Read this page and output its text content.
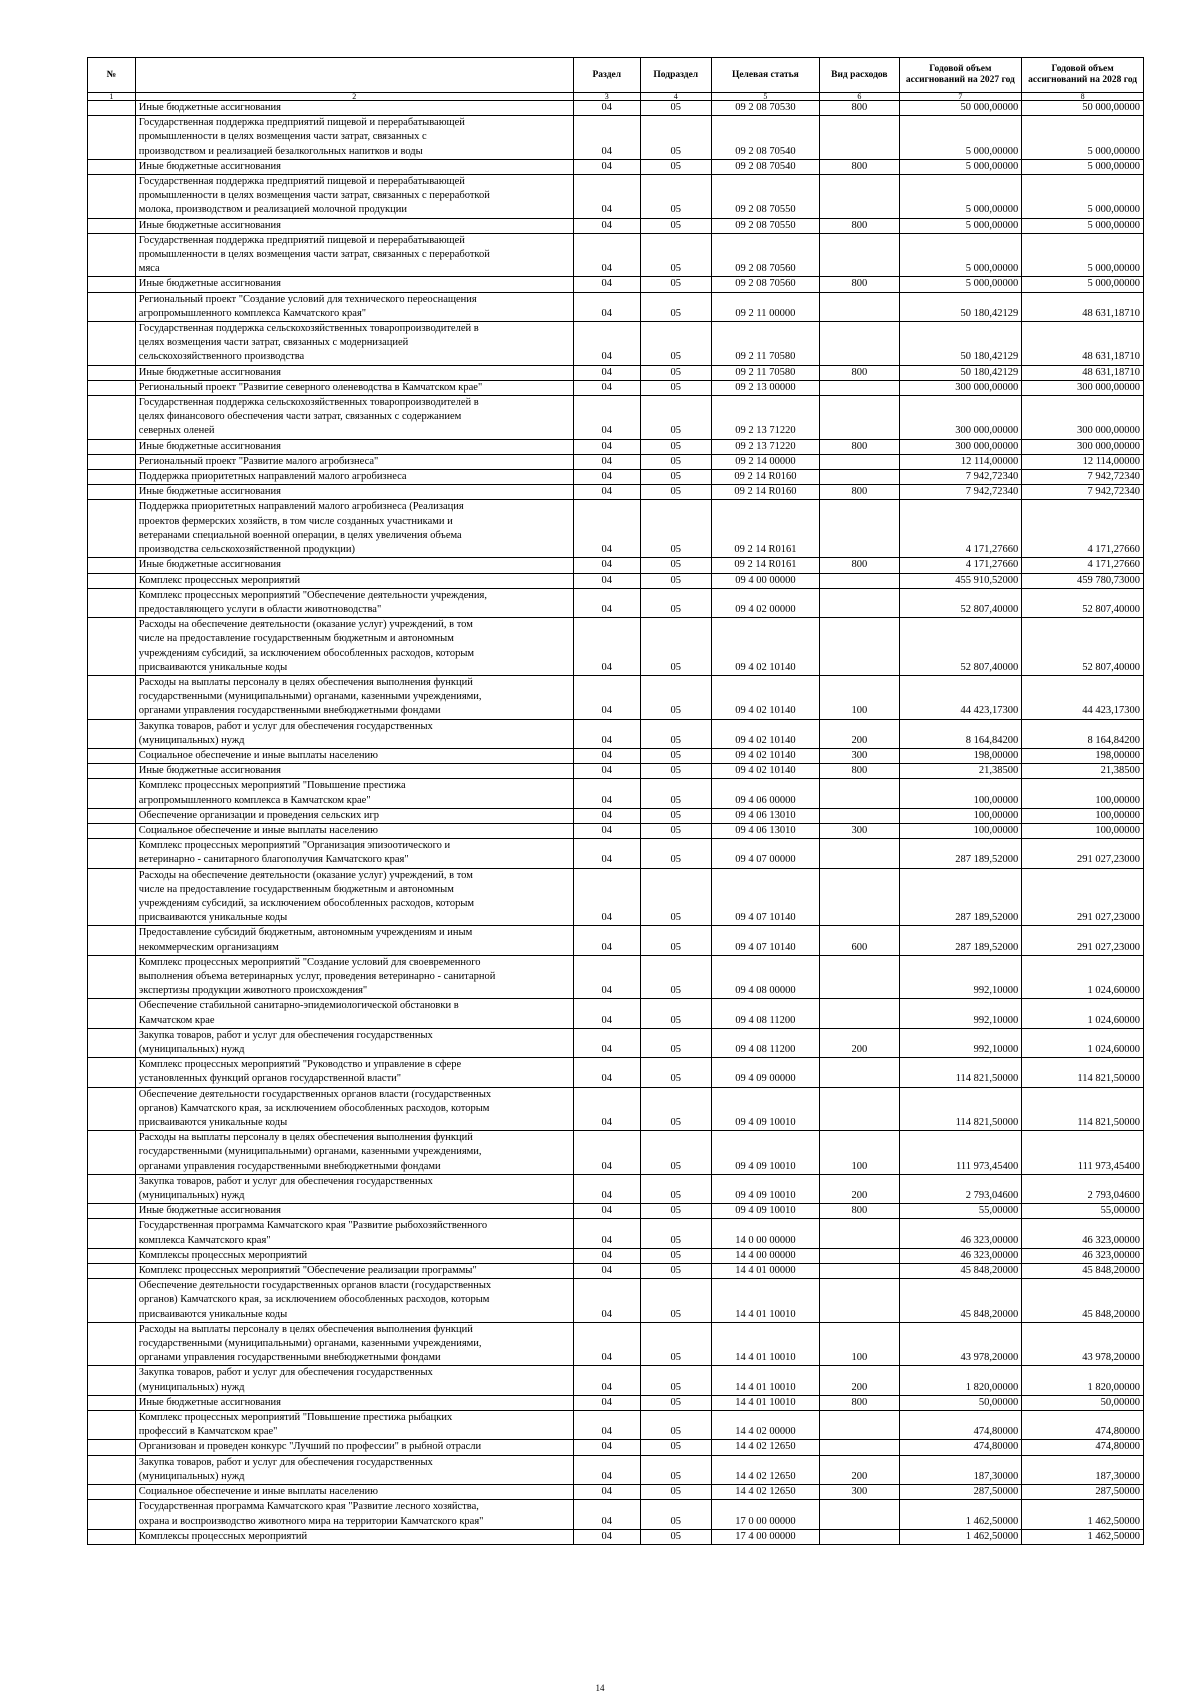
№		Раздел	Подраздел	Целевая статья	Вид расходов	Годовой объем ассигнований на 2027 год	Годовой объем ассигнований на 2028 год
1	2	3	4	5	6	7	8

	Иные бюджетные ассигнования	04	05	09 2 08 70530	800	50 000,00000	50 000,00000

	Государственная поддержка предприятий пищевой и перерабатывающей
промышленности в целях возмещения части затрат, связанных с
производством и реализацией безалкогольных напитков и воды	04	05	09 2 08 70540		5 000,00000	5 000,00000

	Иные бюджетные ассигнования	04	05	09 2 08 70540	800	5 000,00000	5 000,00000

	Государственная поддержка предприятий пищевой и перерабатывающей
промышленности в целях возмещения части затрат, связанных с переработкой
молока, производством и реализацией молочной продукции	04	05	09 2 08 70550		5 000,00000	5 000,00000

	Иные бюджетные ассигнования	04	05	09 2 08 70550	800	5 000,00000	5 000,00000

	Государственная поддержка предприятий пищевой и перерабатывающей
промышленности в целях возмещения части затрат, связанных с переработкой
мяса	04	05	09 2 08 70560		5 000,00000	5 000,00000

	Иные бюджетные ассигнования	04	05	09 2 08 70560	800	5 000,00000	5 000,00000

	Региональный проект "Создание условий для технического переоснащения
агропромышленного комплекса Камчатского края"	04	05	09 2 11 00000		50 180,42129	48 631,18710

	Государственная поддержка сельскохозяйственных товаропроизводителей в
целях возмещения части затрат, связанных с модернизацией
сельскохозяйственного производства	04	05	09 2 11 70580		50 180,42129	48 631,18710

	Иные бюджетные ассигнования	04	05	09 2 11 70580	800	50 180,42129	48 631,18710

	Региональный проект "Развитие северного оленеводства в Камчатском крае"	04	05	09 2 13 00000		300 000,00000	300 000,00000

	Государственная поддержка сельскохозяйственных товаропроизводителей в
целях финансового обеспечения части затрат, связанных с содержанием
северных оленей	04	05	09 2 13 71220		300 000,00000	300 000,00000

	Иные бюджетные ассигнования	04	05	09 2 13 71220	800	300 000,00000	300 000,00000

	Региональный проект "Развитие малого агробизнеса"	04	05	09 2 14 00000		12 114,00000	12 114,00000

	Поддержка приоритетных направлений малого агробизнеса	04	05	09 2 14 R0160		7 942,72340	7 942,72340

	Иные бюджетные ассигнования	04	05	09 2 14 R0160	800	7 942,72340	7 942,72340

	Поддержка приоритетных направлений малого агробизнеса (Реализация
проектов фермерских хозяйств, в том числе созданных участниками и
ветеранами специальной военной операции, в целях увеличения объема
производства сельскохозяйственной продукции)	04	05	09 2 14 R0161		4 171,27660	4 171,27660

	Иные бюджетные ассигнования	04	05	09 2 14 R0161	800	4 171,27660	4 171,27660

	Комплекс процессных мероприятий	04	05	09 4 00 00000		455 910,52000	459 780,73000

	Комплекс процессных мероприятий "Обеспечение деятельности учреждения,
предоставляющего услуги в области животноводства"	04	05	09 4 02 00000		52 807,40000	52 807,40000

	Расходы на обеспечение деятельности (оказание услуг) учреждений, в том
числе на предоставление государственным бюджетным и автономным
учреждениям субсидий, за исключением обособленных расходов, которым
присваиваются уникальные коды	04	05	09 4 02 10140		52 807,40000	52 807,40000

	Расходы на выплаты персоналу в целях обеспечения выполнения функций
государственными (муниципальными) органами, казенными учреждениями,
органами управления государственными внебюджетными фондами	04	05	09 4 02 10140	100	44 423,17300	44 423,17300

	Закупка товаров, работ и услуг для обеспечения государственных
(муниципальных) нужд	04	05	09 4 02 10140	200	8 164,84200	8 164,84200

	Социальное обеспечение и иные выплаты населению	04	05	09 4 02 10140	300	198,00000	198,00000

	Иные бюджетные ассигнования	04	05	09 4 02 10140	800	21,38500	21,38500

	Комплекс процессных мероприятий "Повышение престижа
агропромышленного комплекса в Камчатском крае"	04	05	09 4 06 00000		100,00000	100,00000

	Обеспечение организации и проведения сельских игр	04	05	09 4 06 13010		100,00000	100,00000

	Социальное обеспечение и иные выплаты населению	04	05	09 4 06 13010	300	100,00000	100,00000

	Комплекс процессных мероприятий "Организация эпизоотического и
ветеринарно - санитарного благополучия Камчатского края"	04	05	09 4 07 00000		287 189,52000	291 027,23000

	Расходы на обеспечение деятельности (оказание услуг) учреждений, в том
числе на предоставление государственным бюджетным и автономным
учреждениям субсидий, за исключением обособленных расходов, которым
присваиваются уникальные коды	04	05	09 4 07 10140		287 189,52000	291 027,23000

	Предоставление субсидий бюджетным, автономным учреждениям и иным
некоммерческим организациям	04	05	09 4 07 10140	600	287 189,52000	291 027,23000

	Комплекс процессных мероприятий "Создание условий для своевременного
выполнения объема ветеринарных услуг, проведения ветеринарно - санитарной
экспертизы продукции животного происхождения"	04	05	09 4 08 00000		992,10000	1 024,60000

	Обеспечение стабильной санитарно-эпидемиологической обстановки в
Камчатском крае	04	05	09 4 08 11200		992,10000	1 024,60000

	Закупка товаров, работ и услуг для обеспечения государственных
(муниципальных) нужд	04	05	09 4 08 11200	200	992,10000	1 024,60000

	Комплекс процессных мероприятий "Руководство и управление в сфере
установленных функций органов государственной власти"	04	05	09 4 09 00000		114 821,50000	114 821,50000

	Обеспечение деятельности государственных органов власти (государственных
органов) Камчатского края, за исключением обособленных расходов, которым
присваиваются уникальные коды	04	05	09 4 09 10010		114 821,50000	114 821,50000

	Расходы на выплаты персоналу в целях обеспечения выполнения функций
государственными (муниципальными) органами, казенными учреждениями,
органами управления государственными внебюджетными фондами	04	05	09 4 09 10010	100	111 973,45400	111 973,45400

	Закупка товаров, работ и услуг для обеспечения государственных
(муниципальных) нужд	04	05	09 4 09 10010	200	2 793,04600	2 793,04600

	Иные бюджетные ассигнования	04	05	09 4 09 10010	800	55,00000	55,00000

	Государственная программа Камчатского края "Развитие рыбохозяйственного
комплекса Камчатского края"	04	05	14 0 00 00000		46 323,00000	46 323,00000

	Комплексы процессных мероприятий	04	05	14 4 00 00000		46 323,00000	46 323,00000

	Комплекс процессных мероприятий "Обеспечение реализации программы"	04	05	14 4 01 00000		45 848,20000	45 848,20000

	Обеспечение деятельности государственных органов власти (государственных
органов) Камчатского края, за исключением обособленных расходов, которым
присваиваются уникальные коды	04	05	14 4 01 10010		45 848,20000	45 848,20000

	Расходы на выплаты персоналу в целях обеспечения выполнения функций
государственными (муниципальными) органами, казенными учреждениями,
органами управления государственными внебюджетными фондами	04	05	14 4 01 10010	100	43 978,20000	43 978,20000

	Закупка товаров, работ и услуг для обеспечения государственных
(муниципальных) нужд	04	05	14 4 01 10010	200	1 820,00000	1 820,00000

	Иные бюджетные ассигнования	04	05	14 4 01 10010	800	50,00000	50,00000

	Комплекс процессных мероприятий "Повышение престижа рыбацких
профессий в Камчатском крае"	04	05	14 4 02 00000		474,80000	474,80000

	Организован и проведен конкурс "Лучший по профессии" в рыбной отрасли	04	05	14 4 02 12650		474,80000	474,80000

	Закупка товаров, работ и услуг для обеспечения государственных
(муниципальных) нужд	04	05	14 4 02 12650	200	187,30000	187,30000

	Социальное обеспечение и иные выплаты населению	04	05	14 4 02 12650	300	287,50000	287,50000

	Государственная программа Камчатского края "Развитие лесного хозяйства,
охрана и воспроизводство животного мира на территории Камчатского края"	04	05	17 0 00 00000		1 462,50000	1 462,50000

	Комплексы процессных мероприятий	04	05	17 4 00 00000		1 462,50000	1 462,50000
14
